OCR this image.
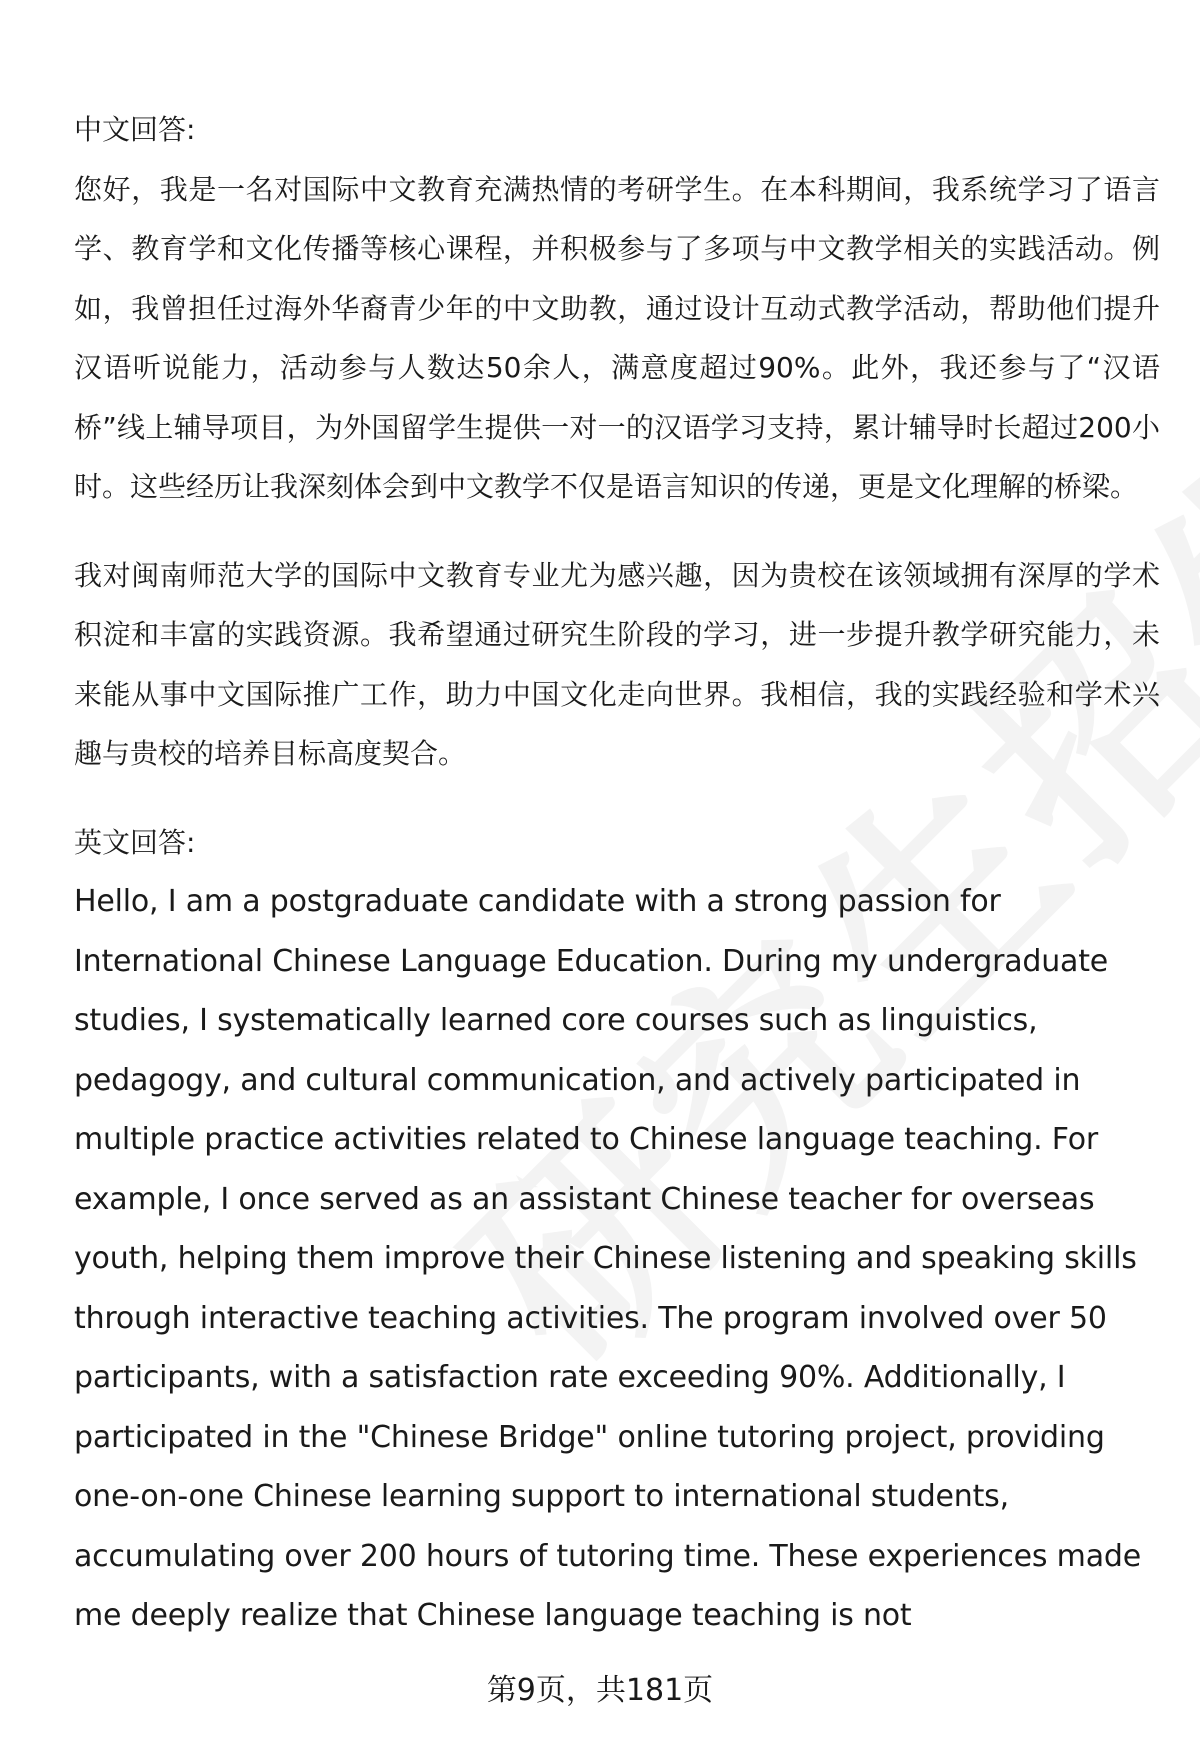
中文回答:

您好，我是一名对国际中文教育充满热情的考研学生。在本科期间，我系统学习了语言学、教育学和文化传播等核心课程，并积极参与了多项与中文教学相关的实践活动。例如，我曾担任过海外华裔青少年的中文助教，通过设计互动式教学活动，帮助他们提升汉语听说能力，活动参与人数达50余人，满意度超过90%。此外，我还参与了“汉语桥”线上辅导项目，为外国留学生提供一对一的汉语学习支持，累计辅导时长超过200小时。这些经历让我深刻体会到中文教学不仅是语言知识的传递，更是文化理解的桥梁。

我对闽南师范大学的国际中文教育专业尤为感兴趣，因为贵校在该领域拥有深厚的学术积淀和丰富的实践资源。我希望通过研究生阶段的学习，进一步提升教学研究能力，未来能从事中文国际推广工作，助力中国文化走向世界。我相信，我的实践经验和学术兴趣与贵校的培养目标高度契合。

英文回答:

Hello, I am a postgraduate candidate with a strong passion for International Chinese Language Education. During my undergraduate studies, I systematically learned core courses such as linguistics, pedagogy, and cultural communication, and actively participated in multiple practice activities related to Chinese language teaching. For example, I once served as an assistant Chinese teacher for overseas youth, helping them improve their Chinese listening and speaking skills through interactive teaching activities. The program involved over 50 participants, with a satisfaction rate exceeding 90%. Additionally, I participated in the "Chinese Bridge" online tutoring project, providing one-on-one Chinese learning support to international students, accumulating over 200 hours of tutoring time. These experiences made me deeply realize that Chinese language teaching is not

第9页，共181页
